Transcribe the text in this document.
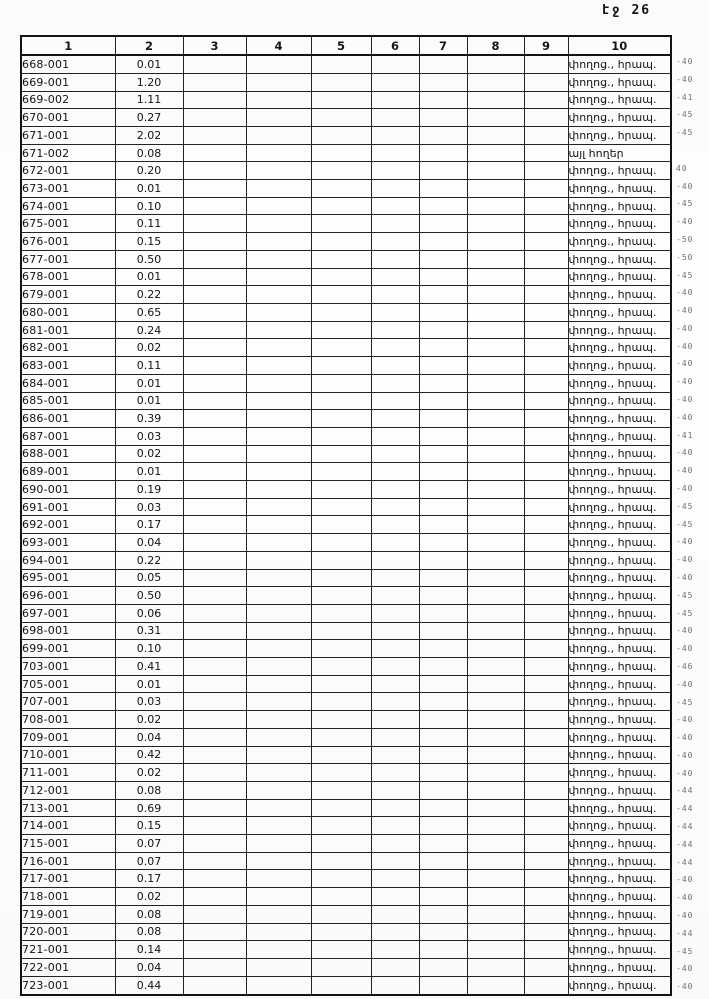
էջ 26
1	2	3	4	5	6	7	8	9	10
668-001	0.01								փողոց., հրապ.
669-001	1.20								փողոց., հրապ.
669-002	1.11								փողոց., հրապ.
670-001	0.27								փողոց., հրապ.
671-001	2.02								փողոց., հրապ.
671-002	0.08								այլ հողեր
672-001	0.20								փողոց., հրապ.
673-001	0.01								փողոց., հրապ.
674-001	0.10								փողոց., հրապ.
675-001	0.11								փողոց., հրապ.
676-001	0.15								փողոց., հրապ.
677-001	0.50								փողոց., հրապ.
678-001	0.01								փողոց., հրապ.
679-001	0.22								փողոց., հրապ.
680-001	0.65								փողոց., հրապ.
681-001	0.24								փողոց., հրապ.
682-001	0.02								փողոց., հրապ.
683-001	0.11								փողոց., հրապ.
684-001	0.01								փողոց., հրապ.
685-001	0.01								փողոց., հրապ.
686-001	0.39								փողոց., հրապ.
687-001	0.03								փողոց., հրապ.
688-001	0.02								փողոց., հրապ.
689-001	0.01								փողոց., հրապ.
690-001	0.19								փողոց., հրապ.
691-001	0.03								փողոց., հրապ.
692-001	0.17								փողոց., հրապ.
693-001	0.04								փողոց., հրապ.
694-001	0.22								փողոց., հրապ.
695-001	0.05								փողոց., հրապ.
696-001	0.50								փողոց., հրապ.
697-001	0.06								փողոց., հրապ.
698-001	0.31								փողոց., հրապ.
699-001	0.10								փողոց., հրապ.
703-001	0.41								փողոց., հրապ.
705-001	0.01								փողոց., հրապ.
707-001	0.03								փողոց., հրապ.
708-001	0.02								փողոց., հրապ.
709-001	0.04								փողոց., հրապ.
710-001	0.42								փողոց., հրապ.
711-001	0.02								փողոց., հրապ.
712-001	0.08								փողոց., հրապ.
713-001	0.69								փողոց., հրապ.
714-001	0.15								փողոց., հրապ.
715-001	0.07								փողոց., հրապ.
716-001	0.07								փողոց., հրապ.
717-001	0.17								փողոց., հրապ.
718-001	0.02								փողոց., հրապ.
719-001	0.08								փողոց., հրապ.
720-001	0.08								փողոց., հրապ.
721-001	0.14								փողոց., հրապ.
722-001	0.04								փողոց., հրապ.
723-001	0.44								փողոց., հրապ.
-40
-40
-41
-45
-45
40
-40
-45
-40
-50
-50
-45
-40
-40
-40
-40
-40
-40
-40
-40
-41
-40
-40
-40
-45
-45
-40
-40
-40
-45
-45
-40
-40
-46
-40
-45
-40
-40
-40
-40
-44
-44
-44
-44
-44
-40
-40
-40
-44
-45
-40
-40
